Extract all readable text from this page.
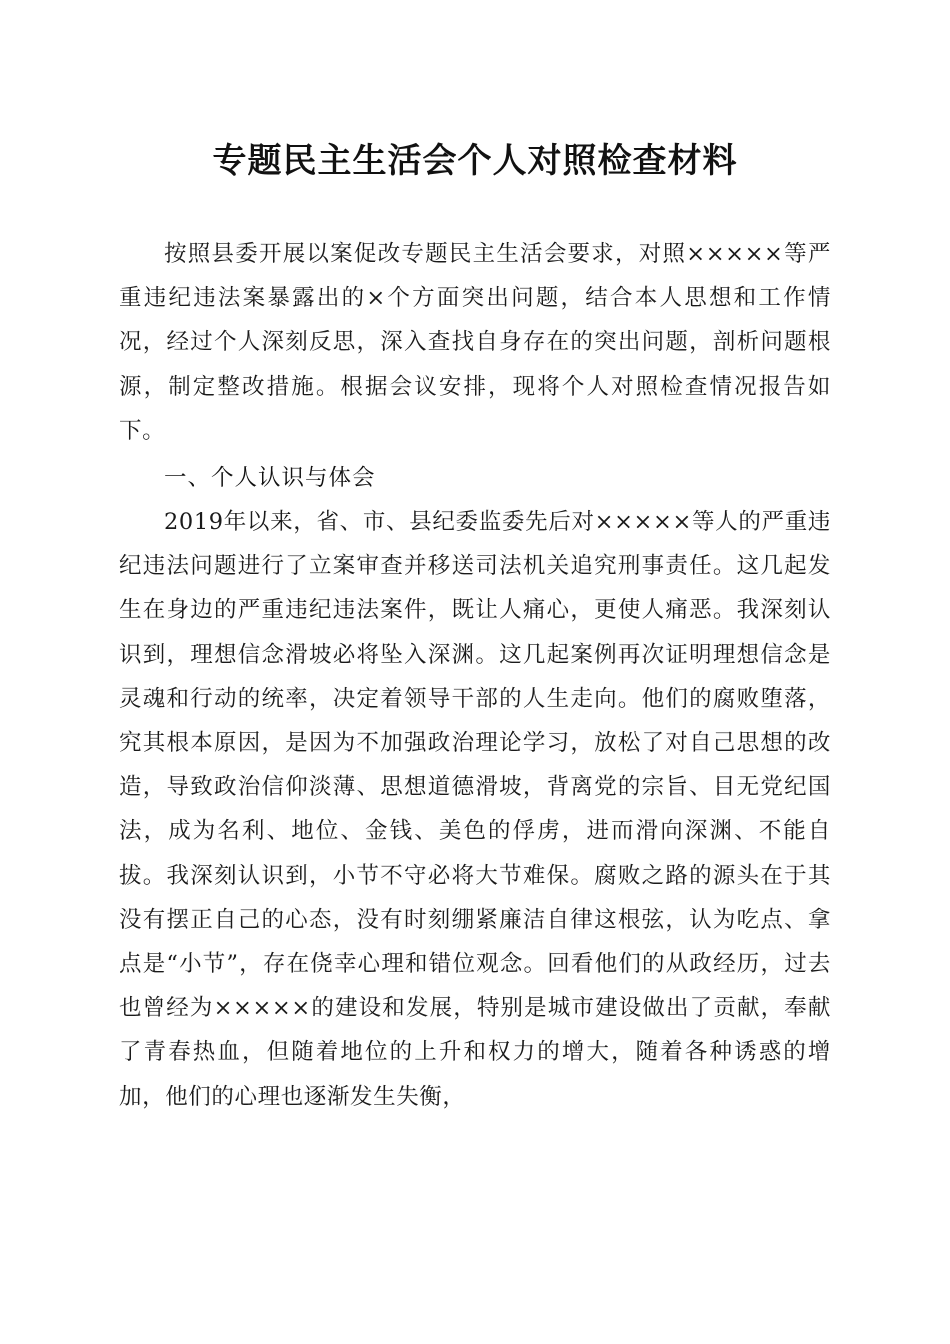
专题民主生活会个人对照检查材料

按照县委开展以案促改专题民主生活会要求，对照×××××等严重违纪违法案暴露出的×个方面突出问题，结合本人思想和工作情况，经过个人深刻反思，深入查找自身存在的突出问题，剖析问题根源，制定整改措施。根据会议安排，现将个人对照检查情况报告如下。

一、个人认识与体会

2019年以来，省、市、县纪委监委先后对×××××等人的严重违纪违法问题进行了立案审查并移送司法机关追究刑事责任。这几起发生在身边的严重违纪违法案件，既让人痛心，更使人痛恶。我深刻认识到，理想信念滑坡必将坠入深渊。这几起案例再次证明理想信念是灵魂和行动的统率，决定着领导干部的人生走向。他们的腐败堕落，究其根本原因，是因为不加强政治理论学习，放松了对自己思想的改造，导致政治信仰淡薄、思想道德滑坡，背离党的宗旨、目无党纪国法，成为名利、地位、金钱、美色的俘虏，进而滑向深渊、不能自拔。我深刻认识到，小节不守必将大节难保。腐败之路的源头在于其没有摆正自己的心态，没有时刻绷紧廉洁自律这根弦，认为吃点、拿点是“小节”，存在侥幸心理和错位观念。回看他们的从政经历，过去也曾经为×××××的建设和发展，特别是城市建设做出了贡献，奉献了青春热血，但随着地位的上升和权力的增大，随着各种诱惑的增加，他们的心理也逐渐发生失衡，
